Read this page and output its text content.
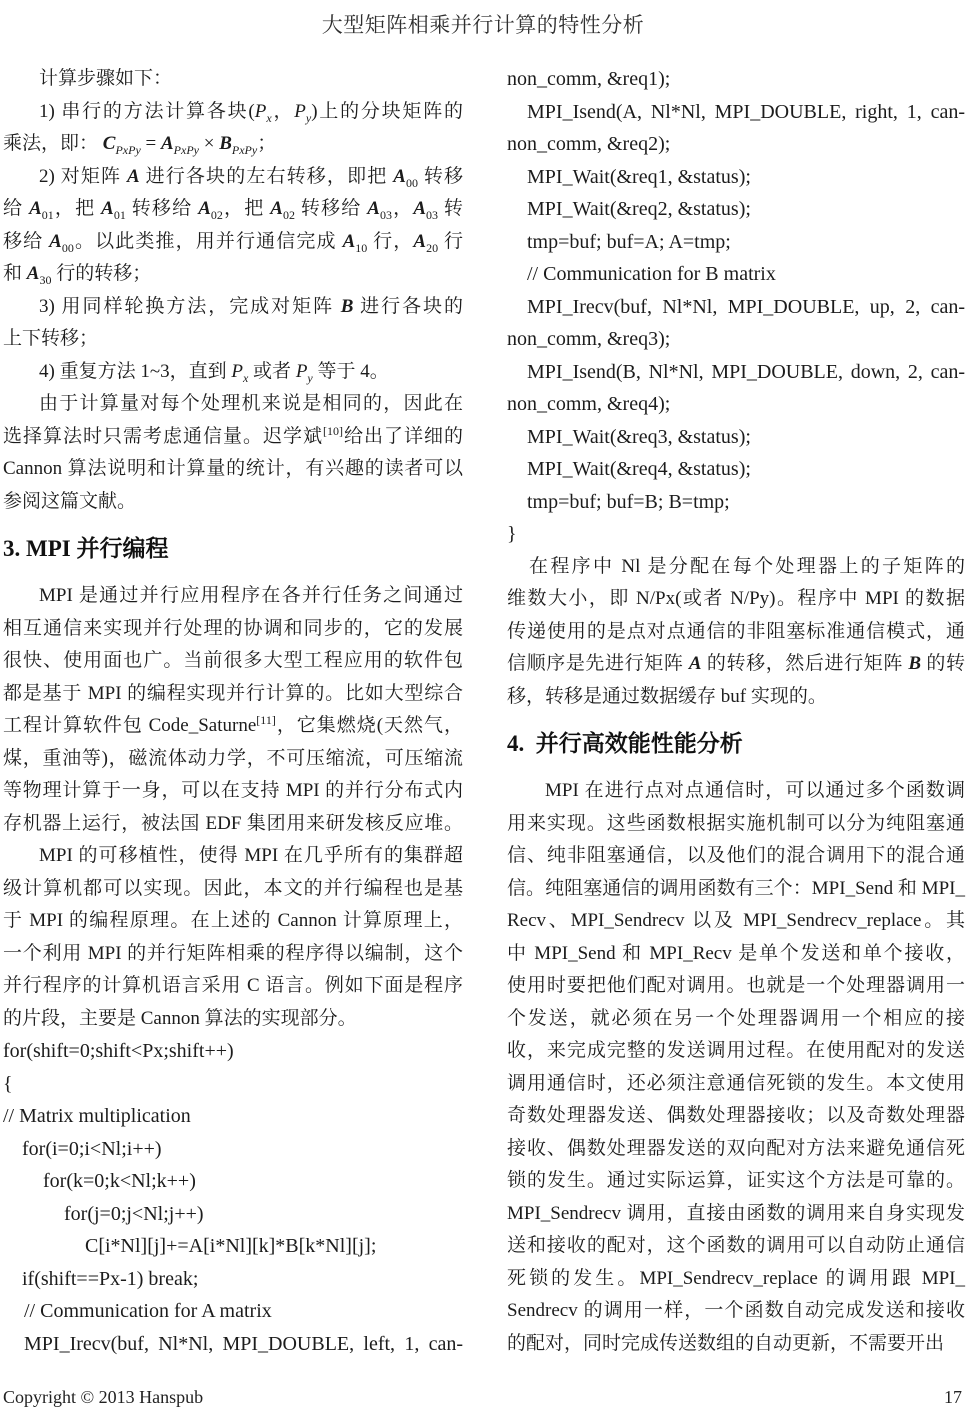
大型矩阵相乘并行计算的特性分析
计算步骤如下：
1) 串行的方法计算各块($P_x$，$P_y$)上的分块矩阵的
乘法，即： $C_{PxPy} = A_{PxPy} \times B_{PxPy}$；
2) 对矩阵 A 进行各块的左右转移，即把 $A_{00}$ 转移
给 $A_{01}$，把 $A_{01}$ 转移给 $A_{02}$，把 $A_{02}$ 转移给 $A_{03}$，$A_{03}$ 转
移给 $A_{00}$。以此类推，用并行通信完成 $A_{10}$ 行，$A_{20}$ 行
和 $A_{30}$ 行的转移；
3) 用同样轮换方法，完成对矩阵 B 进行各块的
上下转移；
4) 重复方法 1~3，直到 $P_x$ 或者 $P_y$ 等于 4。
由于计算量对每个处理机来说是相同的，因此在
选择算法时只需考虑通信量。迟学斌[10]给出了详细的
Cannon 算法说明和计算量的统计，有兴趣的读者可以
参阅这篇文献。
3. MPI 并行编程
MPI 是通过并行应用程序在各并行任务之间通过
相互通信来实现并行处理的协调和同步的，它的发展
很快、使用面也广。当前很多大型工程应用的软件包
都是基于 MPI 的编程实现并行计算的。比如大型综合
工程计算软件包 Code_Saturne[11]，它集燃烧(天然气，
煤，重油等)，磁流体动力学，不可压缩流，可压缩流
等物理计算于一身，可以在支持 MPI 的并行分布式内
存机器上运行，被法国 EDF 集团用来研发核反应堆。
MPI 的可移植性，使得 MPI 在几乎所有的集群超
级计算机都可以实现。因此，本文的并行编程也是基
于 MPI 的编程原理。在上述的 Cannon 计算原理上，
一个利用 MPI 的并行矩阵相乘的程序得以编制，这个
并行程序的计算机语言采用 C 语言。例如下面是程序
的片段，主要是 Cannon 算法的实现部分。
for(shift=0;shift<Px;shift++)
{
// Matrix multiplication
for(i=0;i<Nl;i++)
for(k=0;k<Nl;k++)
for(j=0;j<Nl;j++)
C[i*Nl][j]+=A[i*Nl][k]*B[k*Nl][j];
if(shift==Px-1) break;
// Communication for A matrix
MPI_Irecv(buf, Nl*Nl, MPI_DOUBLE, left, 1, can-
non_comm, &req1);
MPI_Isend(A, Nl*Nl, MPI_DOUBLE, right, 1, can-
non_comm, &req2);
MPI_Wait(&req1, &status);
MPI_Wait(&req2, &status);
tmp=buf; buf=A; A=tmp;
// Communication for B matrix
MPI_Irecv(buf, Nl*Nl, MPI_DOUBLE, up, 2, can-
non_comm, &req3);
MPI_Isend(B, Nl*Nl, MPI_DOUBLE, down, 2, can-
non_comm, &req4);
MPI_Wait(&req3, &status);
MPI_Wait(&req4, &status);
tmp=buf; buf=B; B=tmp;
}
在程序中 Nl 是分配在每个处理器上的子矩阵的
维数大小，即 N/Px(或者 N/Py)。程序中 MPI 的数据
传递使用的是点对点通信的非阻塞标准通信模式，通
信顺序是先进行矩阵 A 的转移，然后进行矩阵 B 的转
移，转移是通过数据缓存 buf 实现的。
4. 并行高效能性能分析
MPI 在进行点对点通信时，可以通过多个函数调
用来实现。这些函数根据实施机制可以分为纯阻塞通
信、纯非阻塞通信，以及他们的混合调用下的混合通
信。纯阻塞通信的调用函数有三个：MPI_Send 和 MPI_
Recv、MPI_Sendrecv 以及 MPI_Sendrecv_replace。其
中 MPI_Send 和 MPI_Recv 是单个发送和单个接收，
使用时要把他们配对调用。也就是一个处理器调用一
个发送，就必须在另一个处理器调用一个相应的接
收，来完成完整的发送调用过程。在使用配对的发送
调用通信时，还必须注意通信死锁的发生。本文使用
奇数处理器发送、偶数处理器接收；以及奇数处理器
接收、偶数处理器发送的双向配对方法来避免通信死
锁的发生。通过实际运算，证实这个方法是可靠的。
MPI_Sendrecv 调用，直接由函数的调用来自身实现发
送和接收的配对，这个函数的调用可以自动防止通信
死锁的发生。MPI_Sendrecv_replace 的调用跟 MPI_
Sendrecv 的调用一样，一个函数自动完成发送和接收
的配对，同时完成传送数组的自动更新，不需要开出
Copyright © 2013 Hanspub	17
